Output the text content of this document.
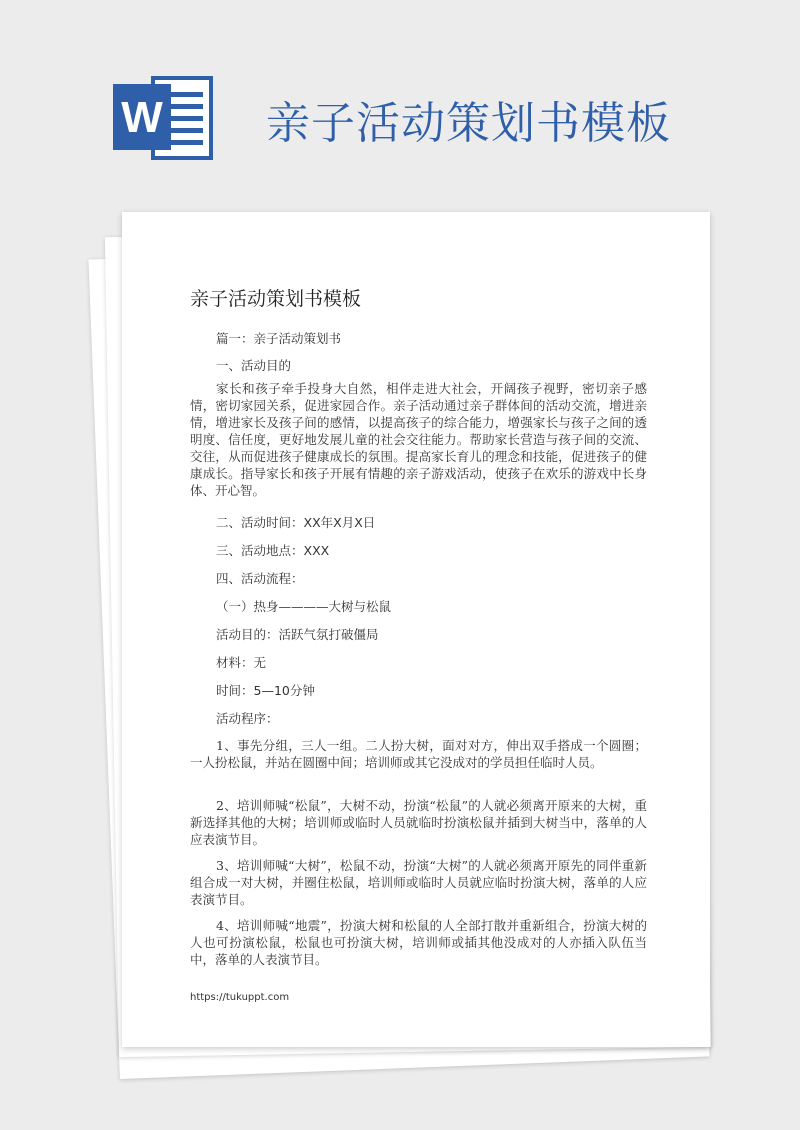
W 亲子活动策划书模板
亲子活动策划书模板
篇一：亲子活动策划书
一、活动目的
家长和孩子牵手投身大自然，相伴走进大社会，开阔孩子视野，密切亲子感情，密切家园关系，促进家园合作。亲子活动通过亲子群体间的活动交流，增进亲情，增进家长及孩子间的感情，以提高孩子的综合能力，增强家长与孩子之间的透明度、信任度，更好地发展儿童的社会交往能力。帮助家长营造与孩子间的交流、交往，从而促进孩子健康成长的氛围。提高家长育儿的理念和技能，促进孩子的健康成长。指导家长和孩子开展有情趣的亲子游戏活动，使孩子在欢乐的游戏中长身体、开心智。
二、活动时间：XX年X月X日
三、活动地点：XXX
四、活动流程：
（一）热身————大树与松鼠
活动目的：活跃气氛打破僵局
材料：无
时间：5—10分钟
活动程序：
1、事先分组，三人一组。二人扮大树，面对对方，伸出双手搭成一个圆圈；一人扮松鼠，并站在圆圈中间；培训师或其它没成对的学员担任临时人员。
2、培训师喊“松鼠”，大树不动，扮演“松鼠”的人就必须离开原来的大树，重新选择其他的大树；培训师或临时人员就临时扮演松鼠并插到大树当中，落单的人应表演节目。
3、培训师喊“大树”，松鼠不动，扮演“大树”的人就必须离开原先的同伴重新组合成一对大树，并圈住松鼠，培训师或临时人员就应临时扮演大树，落单的人应表演节目。
4、培训师喊“地震”，扮演大树和松鼠的人全部打散并重新组合，扮演大树的人也可扮演松鼠，松鼠也可扮演大树，培训师或插其他没成对的人亦插入队伍当中，落单的人表演节目。
https://tukuppt.com
